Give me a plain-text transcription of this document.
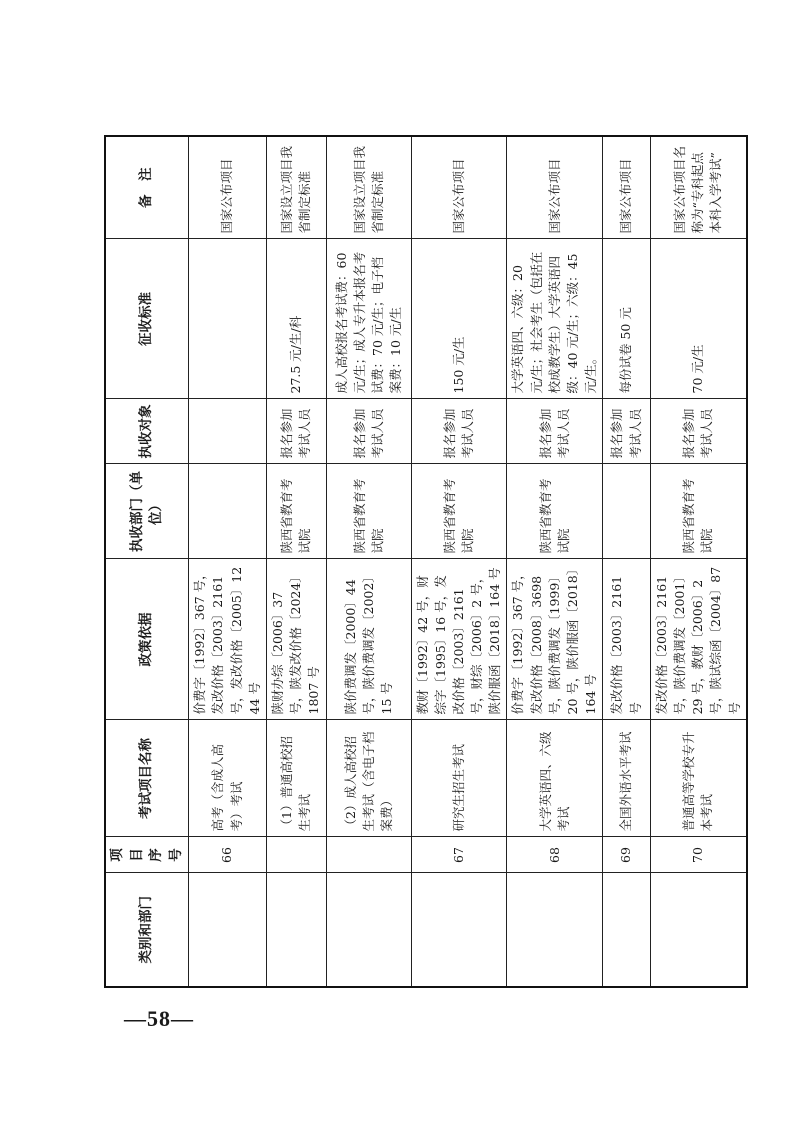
—58—
类别和部门	项目序号	考试项目名称	政策依据	执收部门（单位）	执收对象	征收标准	备　注
	66	高考（含成人高考）考试	价费字〔1992〕367 号，发改价格〔2003〕2161 号，发改价格〔2005〕1244 号				国家公布项目
		（1）普通高校招生考试	陕财办综〔2006〕37 号，陕发改价格〔2024〕1807 号	陕西省教育考试院	报名参加考试人员	27.5 元/生/科	国家设立项目我省制定标准
		（2）成人高校招生考试（含电子档案费）	陕价费调发〔2000〕44 号，陕价费调发〔2002〕15 号	陕西省教育考试院	报名参加考试人员	成人高校报名考试费：60 元/生；成人专升本报名考试费：70 元/生；电子档案费：10 元/生	国家设立项目我省制定标准
	67	研究生招生考试	教财〔1992〕42 号，财综字〔1995〕16 号，发改价格〔2003〕2161 号，财综〔2006〕2 号，陕价服函〔2018〕164 号	陕西省教育考试院	报名参加考试人员	150 元/生	国家公布项目
	68	大学英语四、六级考试	价费字〔1992〕367 号，发改价格〔2008〕3698 号，陕价费调发〔1999〕20 号，陕价服函〔2018〕164 号	陕西省教育考试院	报名参加考试人员	大学英语四、六级：20 元/生；社会考生（包括在校成教学生）大学英语四级：40 元/生；六级：45 元/生。	国家公布项目
	69	全国外语水平考试	发改价格〔2003〕2161 号		报名参加考试人员	每份试卷 50 元	国家公布项目
	70	普通高等学校专升本考试	发改价格〔2003〕2161 号，陕价费调发〔2001〕29 号，教财〔2006〕2 号，陕试综函〔2004〕87 号	陕西省教育考试院	报名参加考试人员	70 元/生	国家公布项目名称为“专科起点本科入学考试”
